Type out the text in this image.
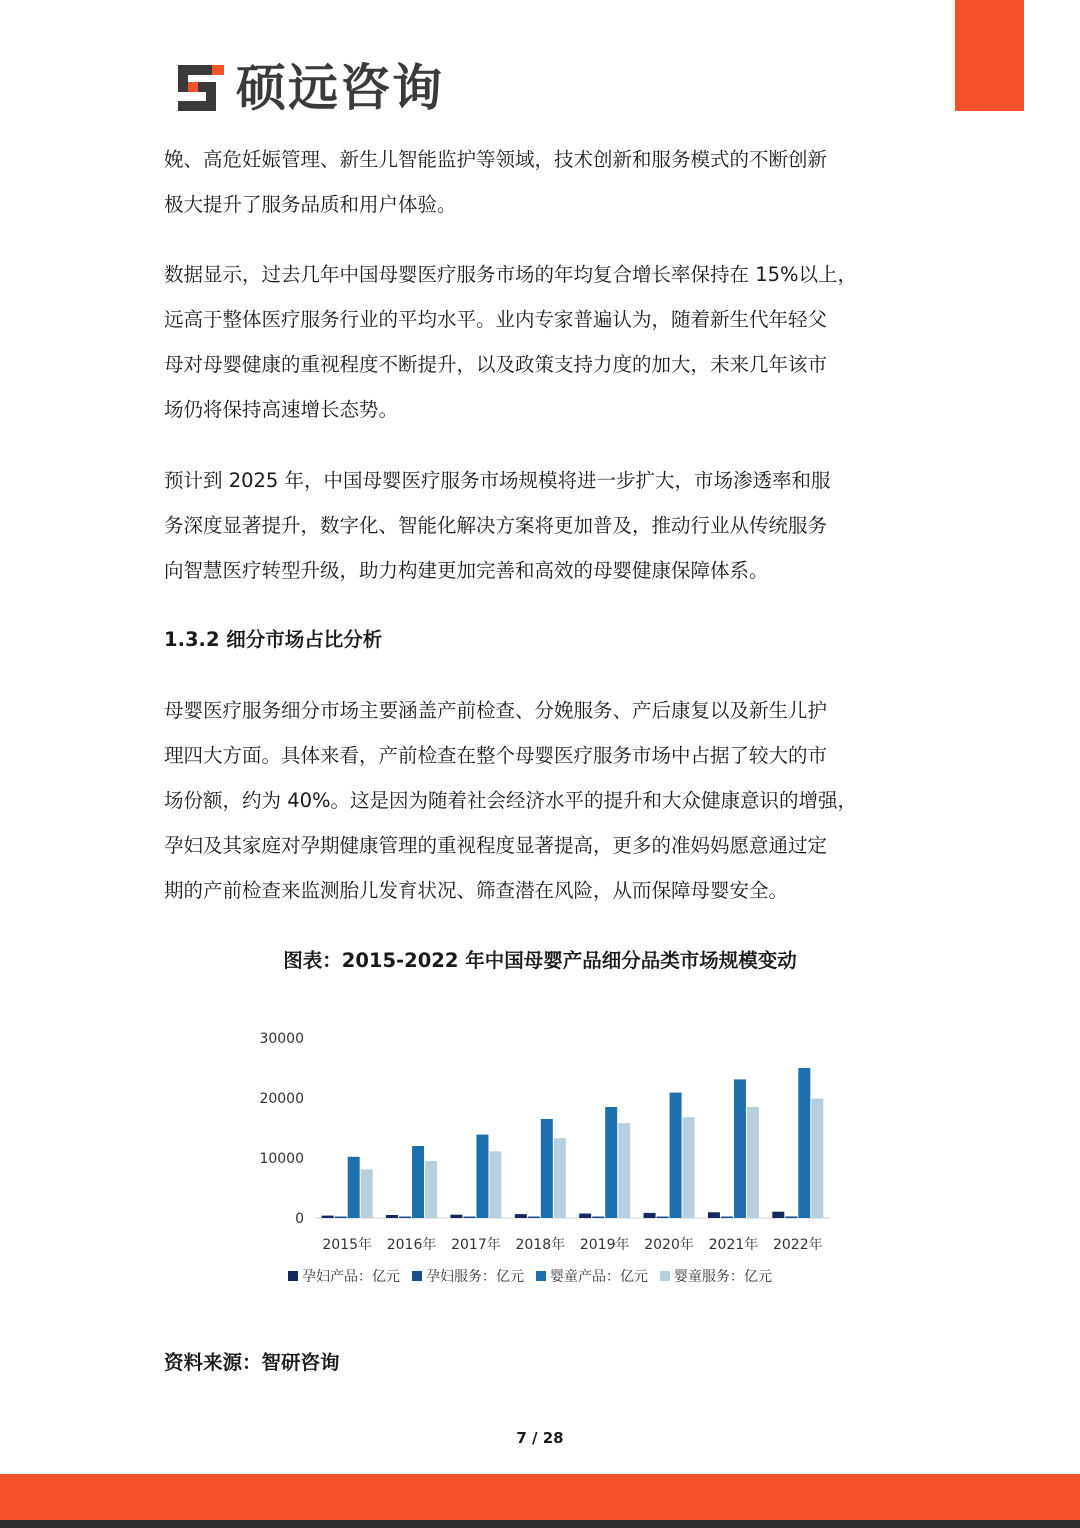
硕远咨询

娩、高危妊娠管理、新生儿智能监护等领域，技术创新和服务模式的不断创新
极大提升了服务品质和用户体验。

数据显示，过去几年中国母婴医疗服务市场的年均复合增长率保持在 15%以上，
远高于整体医疗服务行业的平均水平。业内专家普遍认为，随着新生代年轻父
母对母婴健康的重视程度不断提升，以及政策支持力度的加大，未来几年该市
场仍将保持高速增长态势。

预计到 2025 年，中国母婴医疗服务市场规模将进一步扩大，市场渗透率和服
务深度显著提升，数字化、智能化解决方案将更加普及，推动行业从传统服务
向智慧医疗转型升级，助力构建更加完善和高效的母婴健康保障体系。

1.3.2 细分市场占比分析

母婴医疗服务细分市场主要涵盖产前检查、分娩服务、产后康复以及新生儿护
理四大方面。具体来看，产前检查在整个母婴医疗服务市场中占据了较大的市
场份额，约为 40%。这是因为随着社会经济水平的提升和大众健康意识的增强，
孕妇及其家庭对孕期健康管理的重视程度显著提高，更多的准妈妈愿意通过定
期的产前检查来监测胎儿发育状况、筛查潜在风险，从而保障母婴安全。

图表：2015-2022 年中国母婴产品细分品类市场规模变动
0
10000
20000
30000
2015年 2016年 2017年 2018年 2019年 2020年 2021年 2022年
孕妇产品：亿元 孕妇服务：亿元 婴童产品：亿元 婴童服务：亿元
资料来源：智研咨询
7 / 28
